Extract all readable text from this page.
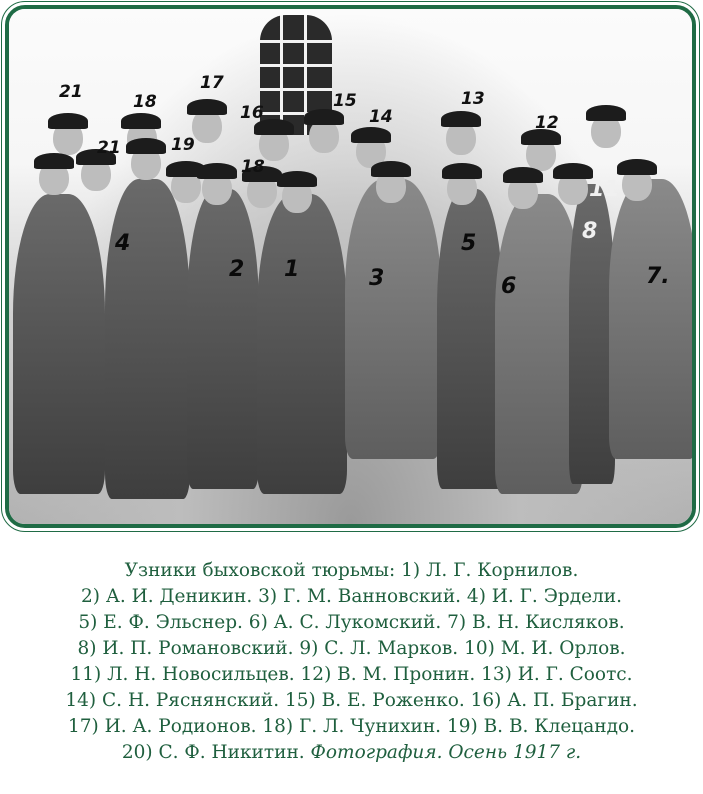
21	18
17
16
15
14
13
12
21	19
18
11
4
2 1	3
5
6
8
7.
Узники быховской тюрьмы: 1) Л. Г. Корнилов.
2) А. И. Деникин. 3) Г. М. Ванновский. 4) И. Г. Эрдели.
5) Е. Ф. Эльснер. 6) А. С. Лукомский. 7) В. Н. Кисляков.
8) И. П. Романовский. 9) С. Л. Марков. 10) М. И. Орлов.
11) Л. Н. Новосильцев. 12) В. М. Пронин. 13) И. Г. Соотс.
14) С. Н. Ряснянский. 15) В. Е. Роженко. 16) А. П. Брагин.
17) И. А. Родионов. 18) Г. Л. Чунихин. 19) В. В. Клецандо.
20) С. Ф. Никитин. Фотография. Осень 1917 г.
